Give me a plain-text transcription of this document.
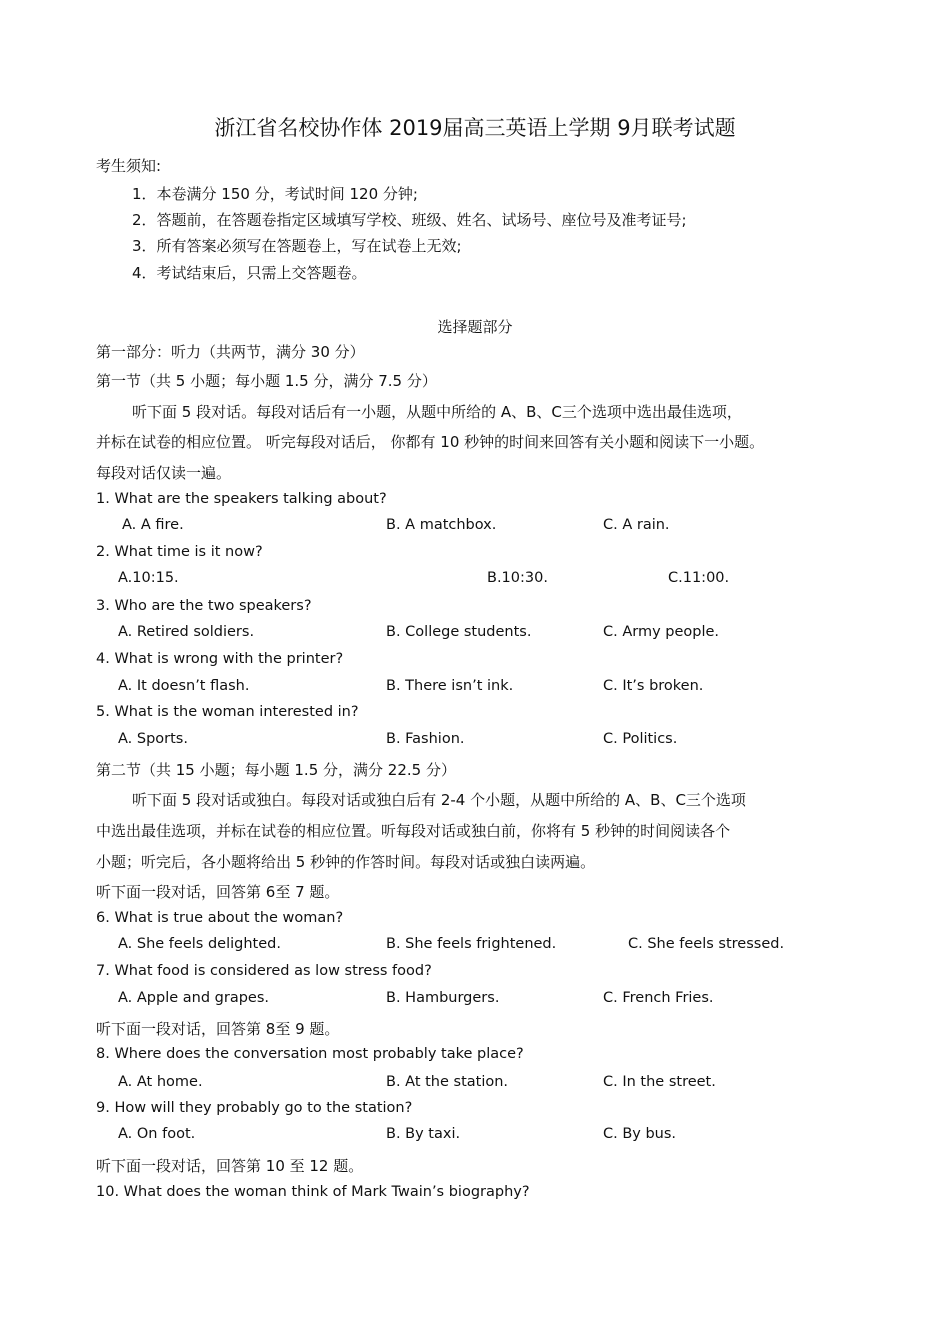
浙江省名校协作体 2019届高三英语上学期 9月联考试题
考生须知:
1．本卷满分 150 分，考试时间 120 分钟;
2．答题前，在答题卷指定区域填写学校、班级、姓名、试场号、座位号及准考证号;
3．所有答案必须写在答题卷上，写在试卷上无效;
4．考试结束后，只需上交答题卷。
选择题部分
第一部分：听力（共两节，满分 30 分）
第一节（共 5 小题；每小题 1.5 分，满分 7.5 分）
听下面 5 段对话。每段对话后有一小题，从题中所给的 A、B、C三个选项中选出最佳选项，
并标在试卷的相应位置。 听完每段对话后， 你都有 10 秒钟的时间来回答有关小题和阅读下一小题。
每段对话仅读一遍。
1. What are the speakers talking about?
A. A fire.	B. A matchbox.	C. A rain.
2. What time is it now?
A.10:15.	B.10:30.	C.11:00.
3. Who are the two speakers?
A. Retired soldiers.	B. College students.	C. Army people.
4. What is wrong with the printer?
A. It doesn’t flash.	B. There isn’t ink.	C. It’s broken.
5. What is the woman interested in?
A. Sports.	B. Fashion.	C. Politics.
第二节（共 15 小题；每小题 1.5 分，满分 22.5 分）
听下面 5 段对话或独白。每段对话或独白后有 2-4 个小题，从题中所给的 A、B、C三个选项
中选出最佳选项，并标在试卷的相应位置。听每段对话或独白前，你将有 5 秒钟的时间阅读各个
小题；听完后，各小题将给出 5 秒钟的作答时间。每段对话或独白读两遍。
听下面一段对话，回答第 6至 7 题。
6. What is true about the woman?
A. She feels delighted.	B. She feels frightened.	C. She feels stressed.
7. What food is considered as low stress food?
A. Apple and grapes.	B. Hamburgers.	C. French Fries.
听下面一段对话，回答第 8至 9 题。
8. Where does the conversation most probably take place?
A. At home.	B. At the station.	C. In the street.
9. How will they probably go to the station?
A. On foot.	B. By taxi.	C. By bus.
听下面一段对话，回答第 10 至 12 题。
10. What does the woman think of Mark Twain’s biography?
